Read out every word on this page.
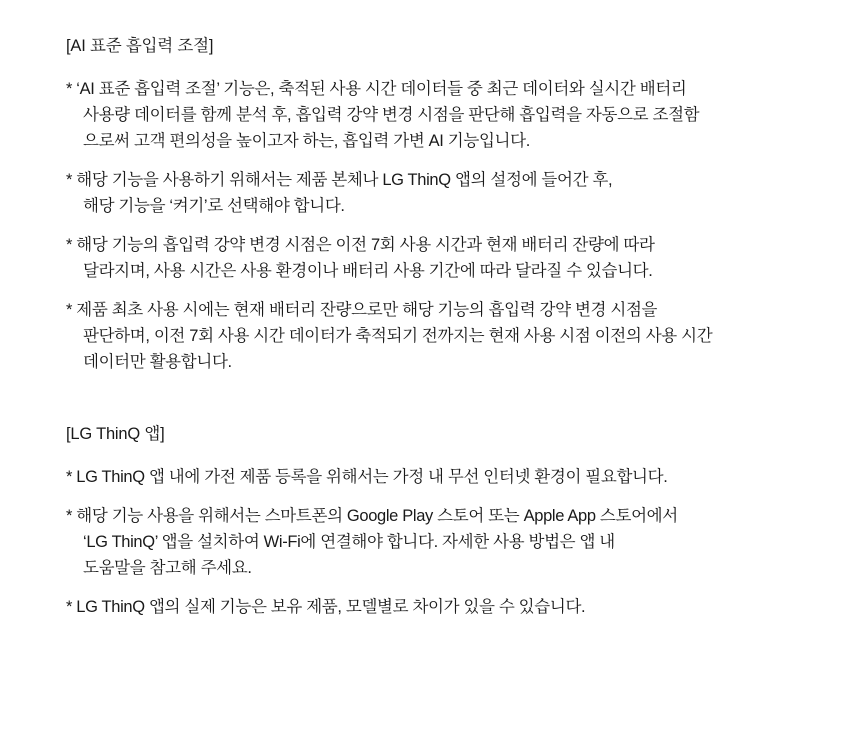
[AI 표준 흡입력 조절]

* ‘AI 표준 흡입력 조절’ 기능은, 축적된 사용 시간 데이터들 중 최근 데이터와 실시간 배터리

사용량 데이터를 함께 분석 후, 흡입력 강약 변경 시점을 판단해 흡입력을 자동으로 조절함

으로써 고객 편의성을 높이고자 하는, 흡입력 가변 AI 기능입니다.

* 해당 기능을 사용하기 위해서는 제품 본체나 LG ThinQ 앱의 설정에 들어간 후,

해당 기능을 ‘켜기’로 선택해야 합니다.

* 해당 기능의 흡입력 강약 변경 시점은 이전 7회 사용 시간과 현재 배터리 잔량에 따라

달라지며, 사용 시간은 사용 환경이나 배터리 사용 기간에 따라 달라질 수 있습니다.

* 제품 최초 사용 시에는 현재 배터리 잔량으로만 해당 기능의 흡입력 강약 변경 시점을

판단하며, 이전 7회 사용 시간 데이터가 축적되기 전까지는 현재 사용 시점 이전의 사용 시간

데이터만 활용합니다.

[LG ThinQ 앱]

* LG ThinQ 앱 내에 가전 제품 등록을 위해서는 가정 내 무선 인터넷 환경이 필요합니다.

* 해당 기능 사용을 위해서는 스마트폰의 Google Play 스토어 또는 Apple App 스토어에서

‘LG ThinQ’ 앱을 설치하여 Wi-Fi에 연결해야 합니다. 자세한 사용 방법은 앱 내

도움말을 참고해 주세요.

* LG ThinQ 앱의 실제 기능은 보유 제품, 모델별로 차이가 있을 수 있습니다.
